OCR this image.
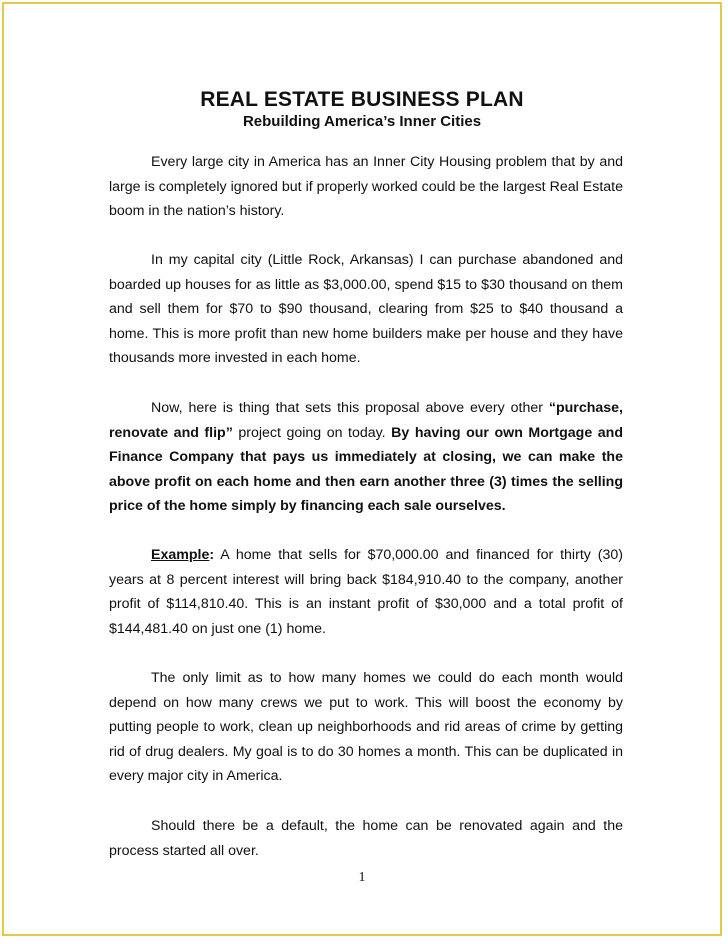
REAL ESTATE BUSINESS PLAN
Rebuilding America’s Inner Cities

Every large city in America has an Inner City Housing problem that by and large is completely ignored but if properly worked could be the largest Real Estate boom in the nation’s history.

In my capital city (Little Rock, Arkansas) I can purchase abandoned and boarded up houses for as little as $3,000.00, spend $15 to $30 thousand on them and sell them for $70 to $90 thousand, clearing from $25 to $40 thousand a home. This is more profit than new home builders make per house and they have thousands more invested in each home.

Now, here is thing that sets this proposal above every other “purchase, renovate and flip” project going on today. By having our own Mortgage and Finance Company that pays us immediately at closing, we can make the above profit on each home and then earn another three (3) times the selling price of the home simply by financing each sale ourselves.

Example: A home that sells for $70,000.00 and financed for thirty (30) years at 8 percent interest will bring back $184,910.40 to the company, another profit of $114,810.40. This is an instant profit of $30,000 and a total profit of $144,481.40 on just one (1) home.

The only limit as to how many homes we could do each month would depend on how many crews we put to work. This will boost the economy by putting people to work, clean up neighborhoods and rid areas of crime by getting rid of drug dealers. My goal is to do 30 homes a month. This can be duplicated in every major city in America.

Should there be a default, the home can be renovated again and the process started all over.

1
